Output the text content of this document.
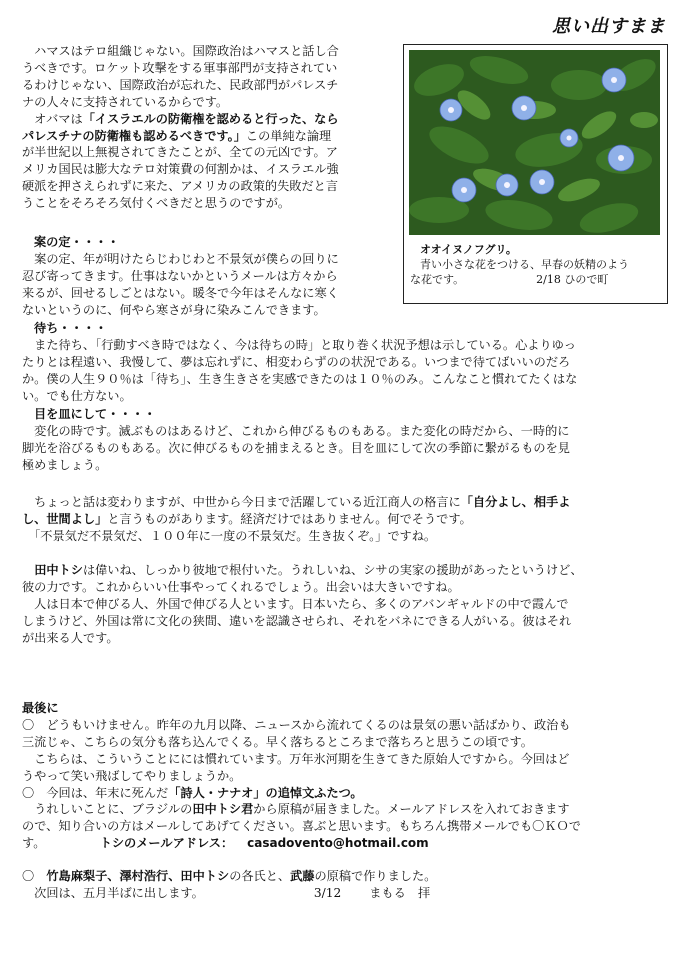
思い出すまま

　ハマスはテロ組織じゃない。国際政治はハマスと話し合

うべきです。ロケット攻撃をする軍事部門が支持されてい

るわけじゃない、国際政治が忘れた、民政部門がパレスチ

ナの人々に支持されているからです。

　オバマは「イスラエルの防衛権を認めると行った、なら

パレスチナの防衛権も認めるべきです。」この単純な論理

が半世紀以上無視されてきたことが、全ての元凶です。ア

メリカ国民は膨大なテロ対策費の何割かは、イスラエル強

硬派を押さえられずに来た、アメリカの政策的失敗だと言

うことをそろそろ気付くべきだと思うのですが。

オオイヌノフグリ。
青い小さな花をつける、早春の妖精のよう
な花です。	2/18 ひので町

案の定・・・・

　案の定、年が明けたらじわじわと不景気が僕らの回りに

忍び寄ってきます。仕事はないかというメールは方々から

来るが、回せるしごとはない。暖冬で今年はそんなに寒く

ないというのに、何やら寒さが身に染みこんできます。

待ち・・・・

　また待ち、「行動すべき時ではなく、今は待ちの時」と取り巻く状況予想は示している。心よりゆっ

たりとは程遠い、我慢して、夢は忘れずに、相変わらずのの状況である。いつまで待てばいいのだろ

か。僕の人生９０％は「待ち」、生き生きさを実感できたのは１０％のみ。こんなこと慣れてたくはな

い。でも仕方ない。

目を皿にして・・・・

　変化の時です。滅ぶものはあるけど、これから伸びるものもある。また変化の時だから、一時的に

脚光を浴びるものもある。次に伸びるものを捕まえるとき。目を皿にして次の季節に繋がるものを見

極めましょう。

　ちょっと話は変わりますが、中世から今日まで活躍している近江商人の格言に「自分よし、相手よ

し、世間よし」と言うものがあります。経済だけではありません。何でそうです。

　「不景気だ不景気だ、１００年に一度の不景気だ。生き抜くぞ。」ですね。

　田中トシは偉いね、しっかり彼地で根付いた。うれしいね、シサの実家の援助があったというけど、

彼の力です。これからいい仕事やってくれるでしょう。出会いは大きいですね。

　人は日本で伸びる人、外国で伸びる人といます。日本いたら、多くのアバンギャルドの中で霞んで

しまうけど、外国は常に文化の狭間、違いを認識させられ、それをバネにできる人がいる。彼はそれ

が出来る人です。

最後に

〇　どうもいけません。昨年の九月以降、ニュースから流れてくるのは景気の悪い話ばかり、政治も

三流じゃ、こちらの気分も落ち込んでくる。早く落ちるところまで落ちろと思うこの頃です。

　こちらは、こういうことにには慣れています。万年氷河期を生きてきた原始人ですから。今回はど

うやって笑い飛ばしてやりましょうか。

〇　今回は、年末に死んだ「詩人・ナナオ」の追悼文ふたつ。

　うれしいことに、ブラジルの田中トシ君から原稿が届きました。メールアドレスを入れておきます

ので、知り合いの方はメールしてあげてください。喜ぶと思います。もちろん携帯メールでも〇ＫＯで

す。　　	トシのメールアドレス： casadovento@hotmail.com

〇　竹島麻梨子、澤村浩行、田中トシの各氏と、武藤の原稿で作りました。

　次回は、五月半ばに出します。	3/12 まもる　拝
